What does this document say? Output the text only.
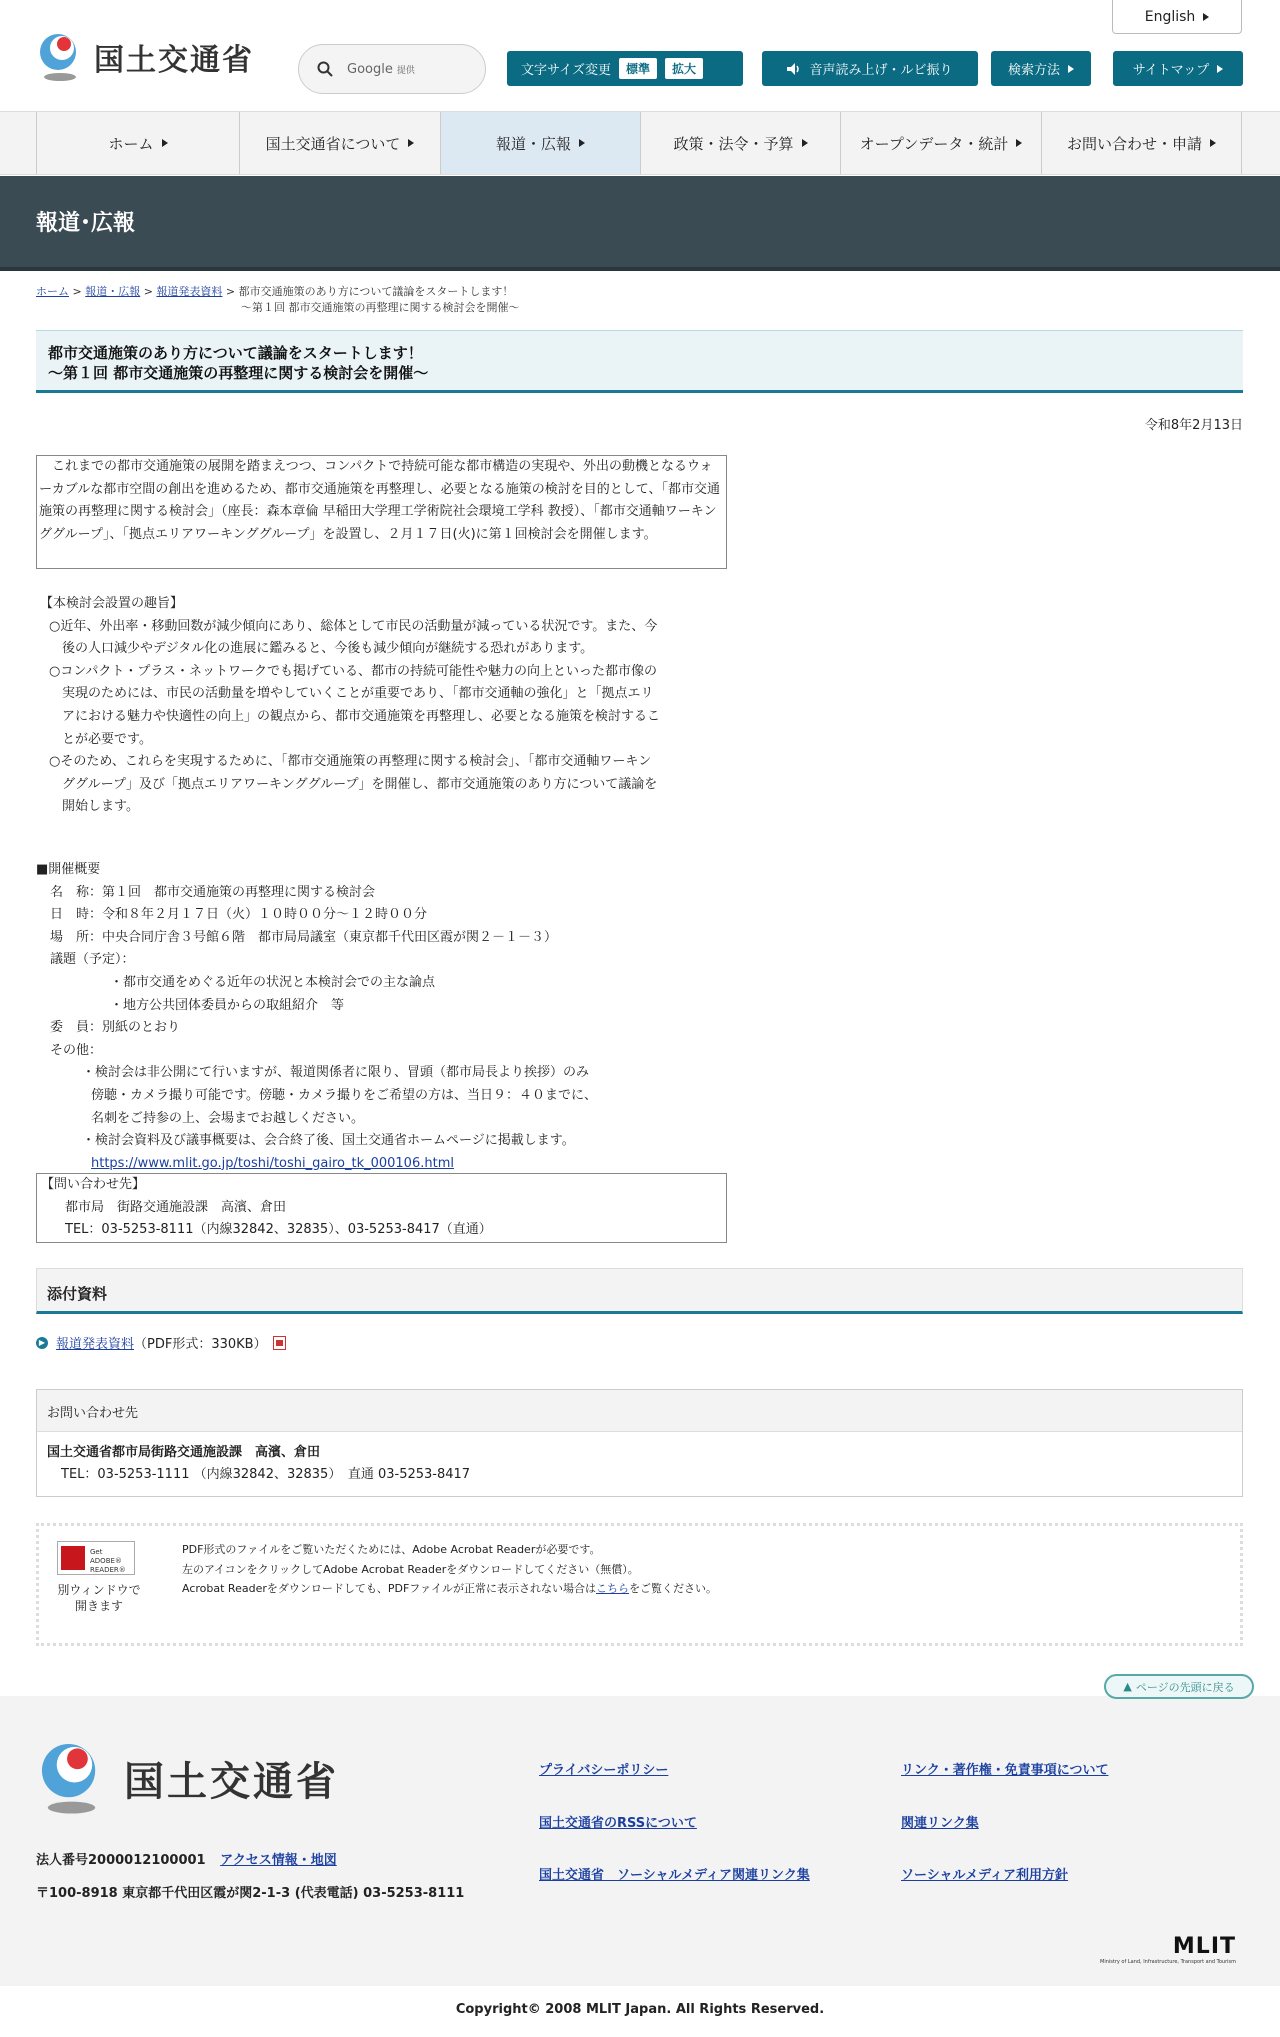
国土交通省	Google 提供
English
文字サイズ変更	標準	拡大	音声読み上げ・ルビ振り	検索方法	サイトマップ
ホーム	国土交通省について	報道・広報	政策・法令・予算	オープンデータ・統計	お問い合わせ・申請
報道･広報
ホーム > 報道・広報 > 報道発表資料 > 都市交通施策のあり方について議論をスタートします！
～第１回 都市交通施策の再整理に関する検討会を開催～
都市交通施策のあり方について議論をスタートします！
～第１回 都市交通施策の再整理に関する検討会を開催～
令和8年2月13日

これまでの都市交通施策の展開を踏まえつつ、コンパクトで持続可能な都市構造の実現や、外出の動機となるウォーカブルな都市空間の創出を進めるため、都市交通施策を再整理し、必要となる施策の検討を目的として、「都市交通施策の再整理に関する検討会」（座長：森本章倫 早稲田大学理工学術院社会環境工学科 教授）、「都市交通軸ワーキンググループ」、「拠点エリアワーキンググループ」を設置し、２月１７日(火)に第１回検討会を開催します。

【本検討会設置の趣旨】
○近年、外出率・移動回数が減少傾向にあり、総体として市民の活動量が減っている状況です。また、今後の人口減少やデジタル化の進展に鑑みると、今後も減少傾向が継続する恐れがあります。
○コンパクト・プラス・ネットワークでも掲げている、都市の持続可能性や魅力の向上といった都市像の実現のためには、市民の活動量を増やしていくことが重要であり、「都市交通軸の強化」と「拠点エリアにおける魅力や快適性の向上」の観点から、都市交通施策を再整理し、必要となる施策を検討することが必要です。
○そのため、これらを実現するために、「都市交通施策の再整理に関する検討会」、「都市交通軸ワーキンググループ」及び「拠点エリアワーキンググループ」を開催し、都市交通施策のあり方について議論を開始します。
■開催概要
名　称：第１回　都市交通施策の再整理に関する検討会
日　時：令和８年２月１７日（火）１０時００分～１２時００分
場　所：中央合同庁舎３号館６階　都市局局議室（東京都千代田区霞が関２－１－３）
議題（予定）：
・都市交通をめぐる近年の状況と本検討会での主な論点
・地方公共団体委員からの取組紹介　等
委　員：別紙のとおり
その他：
・検討会は非公開にて行いますが、報道関係者に限り、冒頭（都市局長より挨拶）のみ
傍聴・カメラ撮り可能です。傍聴・カメラ撮りをご希望の方は、当日９：４０までに、
名刺をご持参の上、会場までお越しください。
・検討会資料及び議事概要は、会合終了後、国土交通省ホームページに掲載します。
https://www.mlit.go.jp/toshi/toshi_gairo_tk_000106.html
【問い合わせ先】
都市局　街路交通施設課　高濱、倉田
TEL：03-5253-8111（内線32842、32835）、03-5253-8417（直通）
添付資料
▶ 報道発表資料 （PDF形式：330KB）
お問い合わせ先
国土交通省都市局街路交通施設課　高濱、倉田
TEL：03-5253-1111 （内線32842、32835）　直通 03-5253-8417
Get
ADOBE® READER®
別ウィンドウで
開きます
PDF形式のファイルをご覧いただくためには、Adobe Acrobat Readerが必要です。
左のアイコンをクリックしてAdobe Acrobat Readerをダウンロードしてください（無償）。
Acrobat Readerをダウンロードしても、PDFファイルが正常に表示されない場合はこちらをご覧ください。
国土交通省
法人番号2000012100001 アクセス情報・地図
〒100-8918 東京都千代田区霞が関2-1-3 (代表電話) 03-5253-8111
プライバシーポリシー	リンク・著作権・免責事項について
国土交通省のRSSについて	関連リンク集
国土交通省　ソーシャルメディア関連リンク集	ソーシャルメディア利用方針
MLIT
Ministry of Land, Infrastructure, Transport and Tourism
▲ ページの先頭に戻る
Copyright© 2008 MLIT Japan. All Rights Reserved.
